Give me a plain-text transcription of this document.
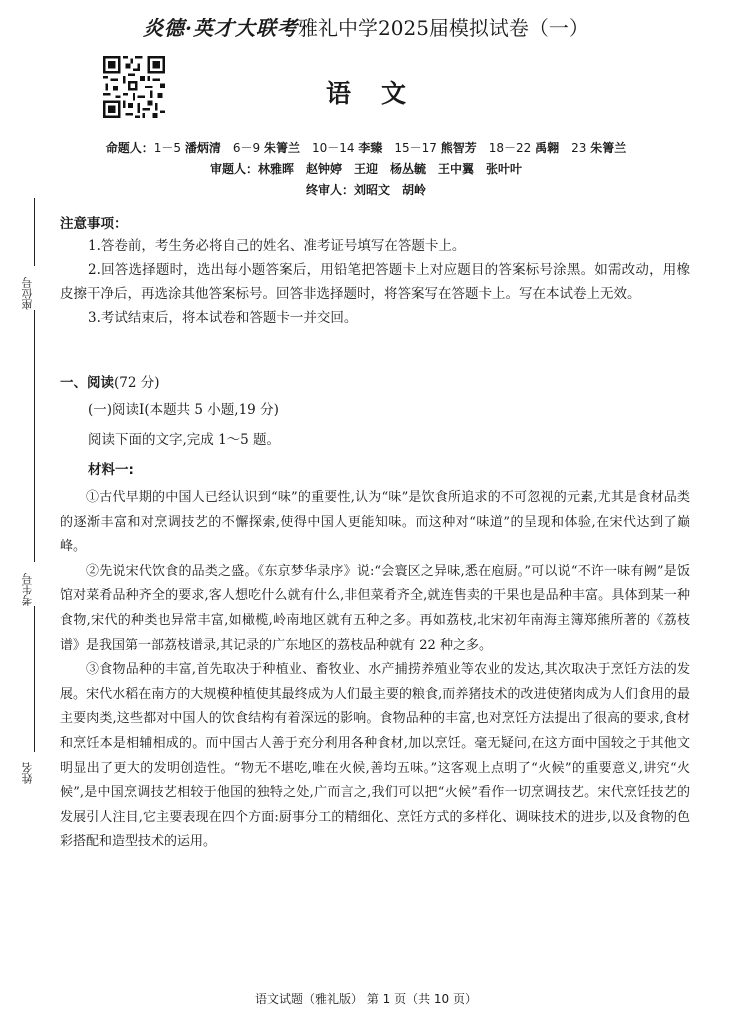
炎德·英才大联考雅礼中学2025届模拟试卷（一）
语文
命题人：1－5 潘炳清 6－9 朱箐兰 10－14 李臻 15－17 熊智芳 18－22 禹翱 23 朱箐兰
审题人：林雅晖 赵钟婷 王迎 杨丛毓 王中翼 张叶叶
终审人：刘昭文 胡岭
座位号
考生号
姓名
注意事项：

1.答卷前，考生务必将自己的姓名、准考证号填写在答题卡上。

2.回答选择题时，选出每小题答案后，用铅笔把答题卡上对应题目的答案标号涂黑。如需改动，用橡皮擦干净后，再选涂其他答案标号。回答非选择题时，将答案写在答题卡上。写在本试卷上无效。

3.考试结束后，将本试卷和答题卡一并交回。

一、阅读(72 分)
(一)阅读Ⅰ(本题共 5 小题,19 分)
阅读下面的文字,完成 1～5 题。
材料一:

①古代早期的中国人已经认识到“味”的重要性,认为“味”是饮食所追求的不可忽视的元素,尤其是食材品类的逐渐丰富和对烹调技艺的不懈探索,使得中国人更能知味。而这种对“味道”的呈现和体验,在宋代达到了巅峰。

②先说宋代饮食的品类之盛。《东京梦华录序》说:“会寰区之异味,悉在庖厨。”可以说“不许一味有阙”是饭馆对菜肴品种齐全的要求,客人想吃什么就有什么,非但菜肴齐全,就连售卖的干果也是品种丰富。具体到某一种食物,宋代的种类也异常丰富,如橄榄,岭南地区就有五种之多。再如荔枝,北宋初年南海主簿郑熊所著的《荔枝谱》是我国第一部荔枝谱录,其记录的广东地区的荔枝品种就有 22 种之多。

③食物品种的丰富,首先取决于种植业、畜牧业、水产捕捞养殖业等农业的发达,其次取决于烹饪方法的发展。宋代水稻在南方的大规模种植使其最终成为人们最主要的粮食,而养猪技术的改进使猪肉成为人们食用的最主要肉类,这些都对中国人的饮食结构有着深远的影响。食物品种的丰富,也对烹饪方法提出了很高的要求,食材和烹饪本是相辅相成的。而中国古人善于充分利用各种食材,加以烹饪。毫无疑问,在这方面中国较之于其他文明显出了更大的发明创造性。“物无不堪吃,唯在火候,善均五味。”这客观上点明了“火候”的重要意义,讲究“火候”,是中国烹调技艺相较于他国的独特之处,广而言之,我们可以把“火候”看作一切烹调技艺。宋代烹饪技艺的发展引人注目,它主要表现在四个方面:厨事分工的精细化、烹饪方式的多样化、调味技术的进步,以及食物的色彩搭配和造型技术的运用。

语文试题（雅礼版） 第 1 页（共 10 页）
